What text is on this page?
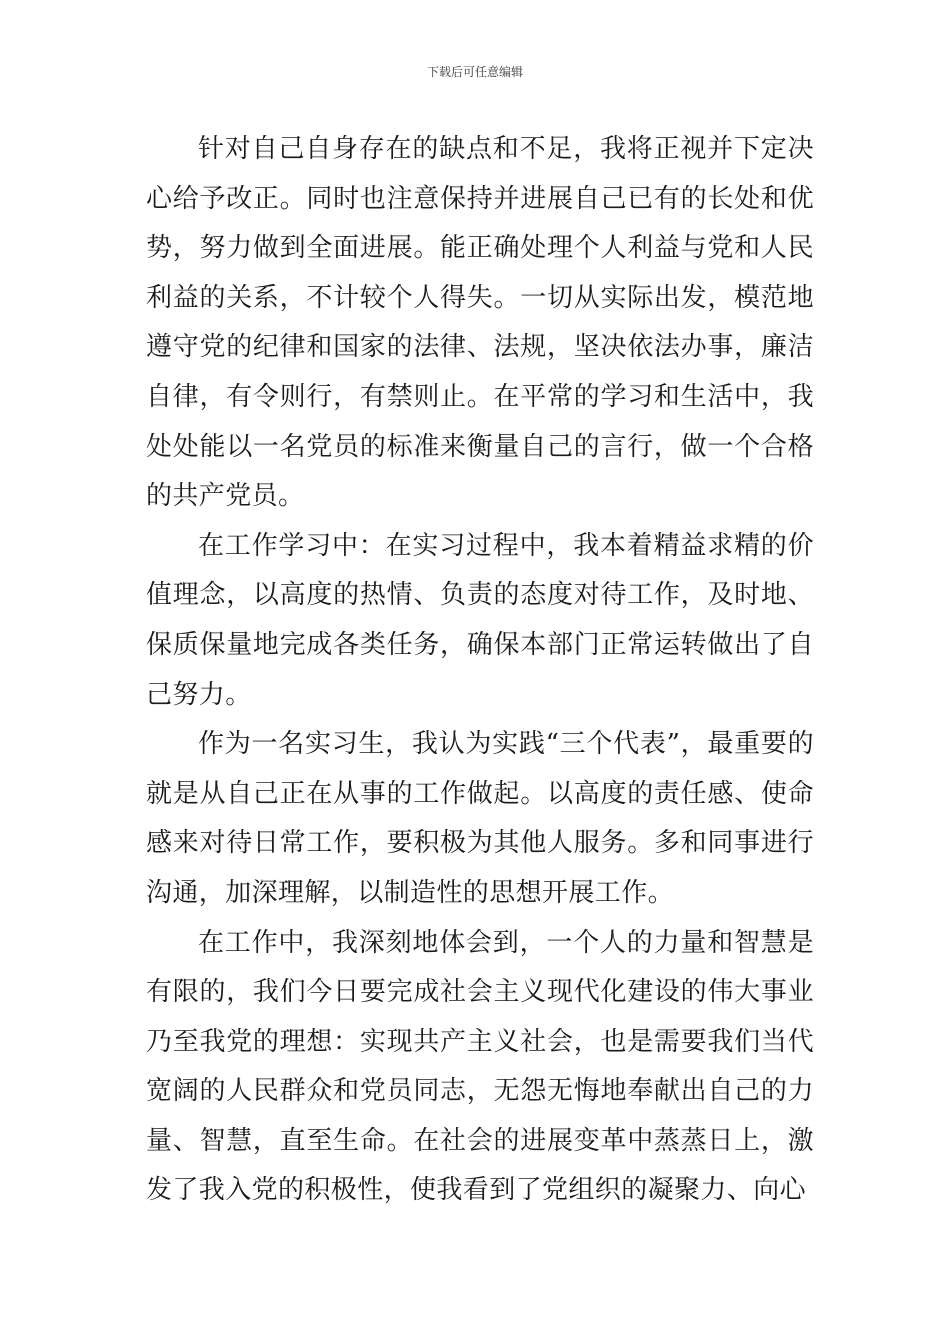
下载后可任意编辑

针对自己自身存在的缺点和不足，我将正视并下定决心给予改正。同时也注意保持并进展自己已有的长处和优势，努力做到全面进展。能正确处理个人利益与党和人民利益的关系，不计较个人得失。一切从实际出发，模范地遵守党的纪律和国家的法律、法规，坚决依法办事，廉洁自律，有令则行，有禁则止。在平常的学习和生活中，我处处能以一名党员的标准来衡量自己的言行，做一个合格的共产党员。

在工作学习中：在实习过程中，我本着精益求精的价值理念，以高度的热情、负责的态度对待工作，及时地、保质保量地完成各类任务，确保本部门正常运转做出了自己努力。

作为一名实习生，我认为实践“三个代表”，最重要的就是从自己正在从事的工作做起。以高度的责任感、使命感来对待日常工作，要积极为其他人服务。多和同事进行沟通，加深理解，以制造性的思想开展工作。

在工作中，我深刻地体会到，一个人的力量和智慧是有限的，我们今日要完成社会主义现代化建设的伟大事业乃至我党的理想：实现共产主义社会，也是需要我们当代宽阔的人民群众和党员同志，无怨无悔地奉献出自己的力量、智慧，直至生命。在社会的进展变革中蒸蒸日上，激发了我入党的积极性，使我看到了党组织的凝聚力、向心
